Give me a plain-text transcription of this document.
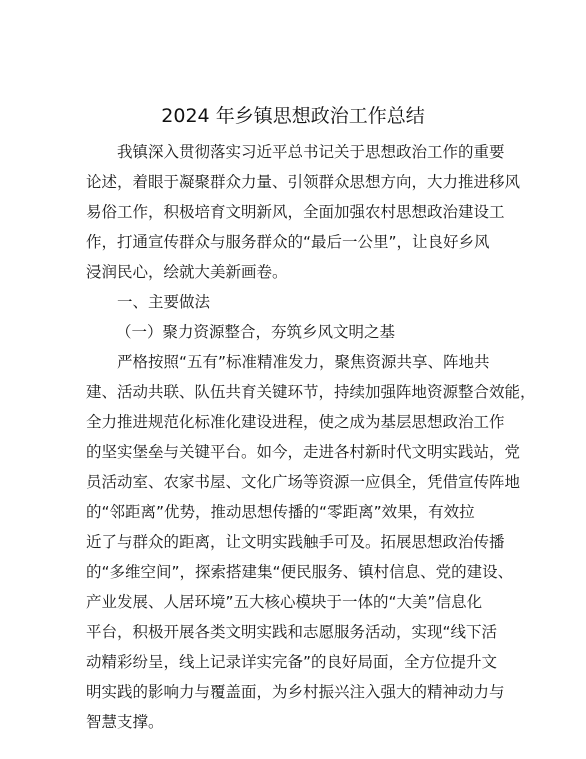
2024 年乡镇思想政治工作总结
我镇深入贯彻落实习近平总书记关于思想政治工作的重要
论述，着眼于凝聚群众力量、引领群众思想方向，大力推进移风
易俗工作，积极培育文明新风，全面加强农村思想政治建设工
作，打通宣传群众与服务群众的“最后一公里”，让良好乡风
浸润民心，绘就大美新画卷。
一、主要做法
（一）聚力资源整合，夯筑乡风文明之基
严格按照“五有”标准精准发力，聚焦资源共享、阵地共
建、活动共联、队伍共育关键环节，持续加强阵地资源整合效能，
全力推进规范化标准化建设进程，使之成为基层思想政治工作
的坚实堡垒与关键平台。如今，走进各村新时代文明实践站，党
员活动室、农家书屋、文化广场等资源一应俱全，凭借宣传阵地
的“邻距离”优势，推动思想传播的“零距离”效果，有效拉
近了与群众的距离，让文明实践触手可及。拓展思想政治传播
的“多维空间”，探索搭建集“便民服务、镇村信息、党的建设、
产业发展、人居环境”五大核心模块于一体的“大美”信息化
平台，积极开展各类文明实践和志愿服务活动，实现“线下活
动精彩纷呈，线上记录详实完备”的良好局面，全方位提升文
明实践的影响力与覆盖面，为乡村振兴注入强大的精神动力与
智慧支撑。
